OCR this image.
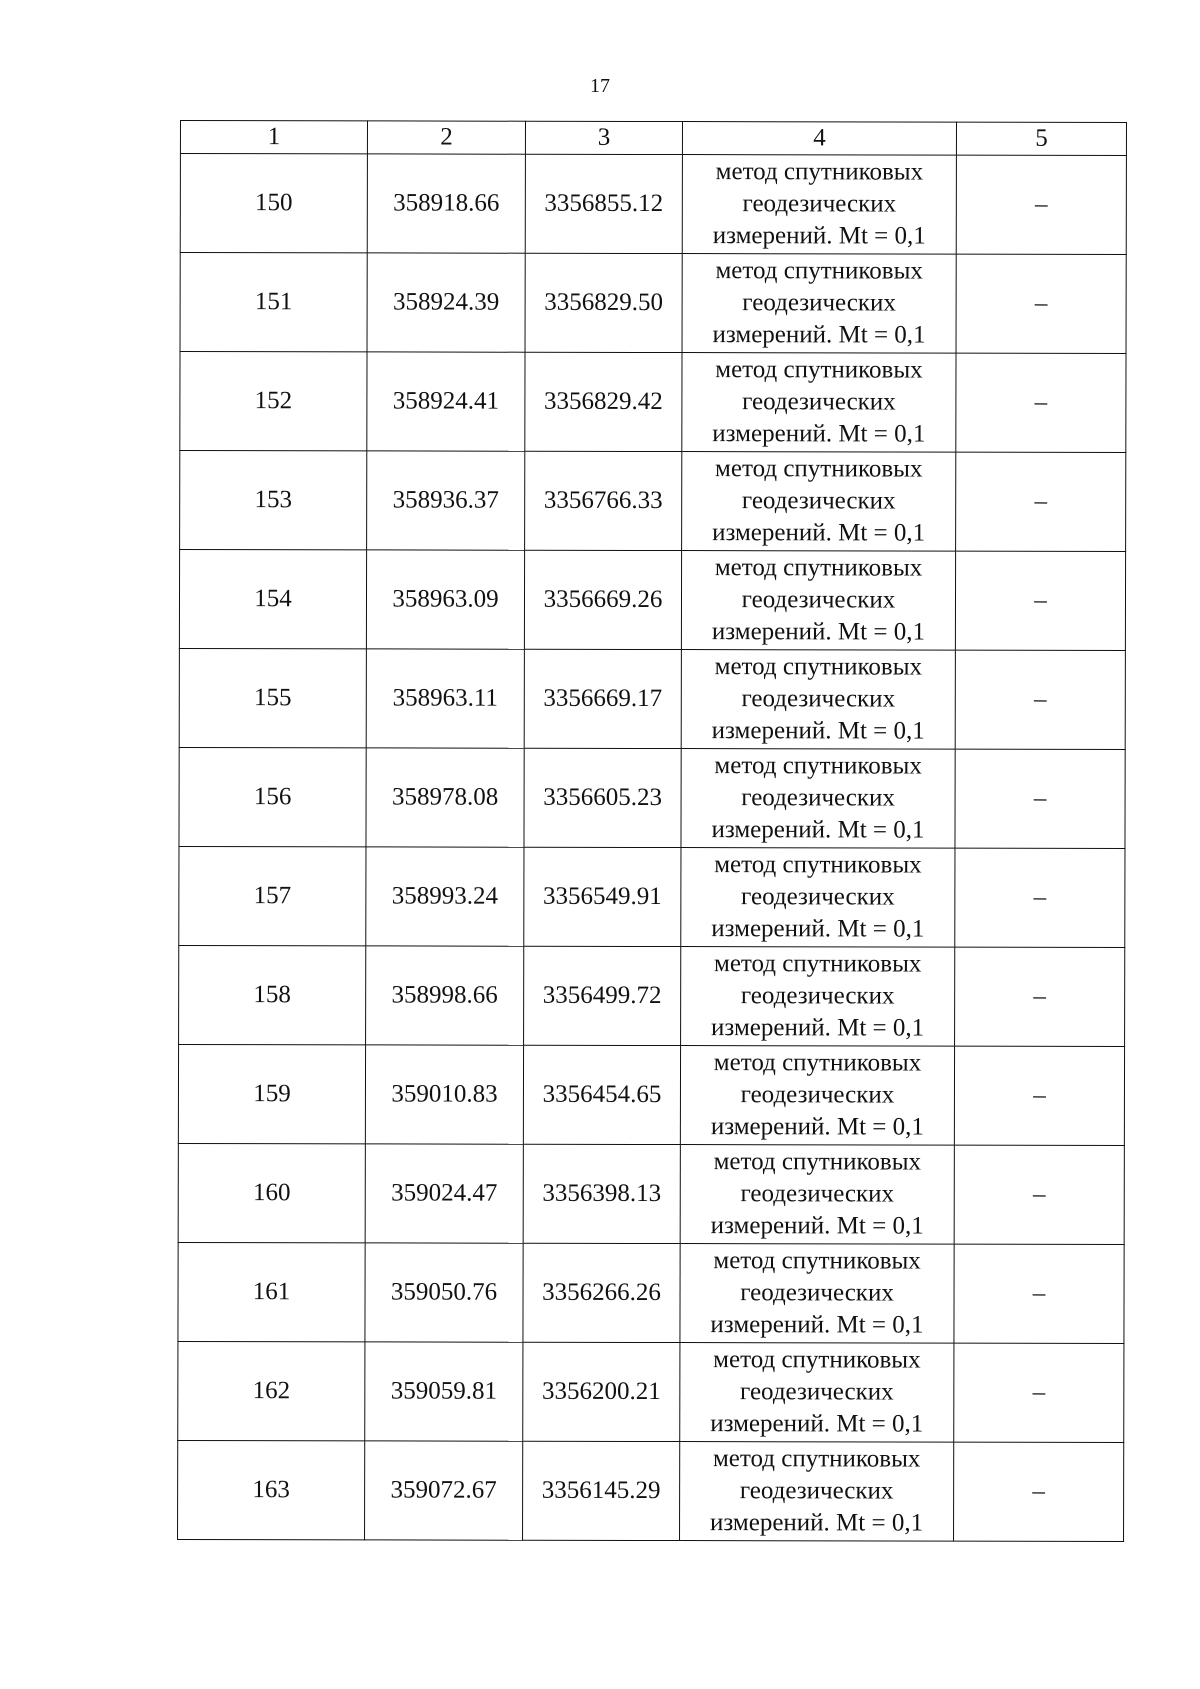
17
1	2	3	4	5
150	358918.66	3356855.12	метод спутниковых
геодезических
измерений. Mt = 0,1	–
151	358924.39	3356829.50	метод спутниковых
геодезических
измерений. Mt = 0,1	–
152	358924.41	3356829.42	метод спутниковых
геодезических
измерений. Mt = 0,1	–
153	358936.37	3356766.33	метод спутниковых
геодезических
измерений. Mt = 0,1	–
154	358963.09	3356669.26	метод спутниковых
геодезических
измерений. Mt = 0,1	–
155	358963.11	3356669.17	метод спутниковых
геодезических
измерений. Mt = 0,1	–
156	358978.08	3356605.23	метод спутниковых
геодезических
измерений. Mt = 0,1	–
157	358993.24	3356549.91	метод спутниковых
геодезических
измерений. Mt = 0,1	–
158	358998.66	3356499.72	метод спутниковых
геодезических
измерений. Mt = 0,1	–
159	359010.83	3356454.65	метод спутниковых
геодезических
измерений. Mt = 0,1	–
160	359024.47	3356398.13	метод спутниковых
геодезических
измерений. Mt = 0,1	–
161	359050.76	3356266.26	метод спутниковых
геодезических
измерений. Mt = 0,1	–
162	359059.81	3356200.21	метод спутниковых
геодезических
измерений. Mt = 0,1	–
163	359072.67	3356145.29	метод спутниковых
геодезических
измерений. Mt = 0,1	–
